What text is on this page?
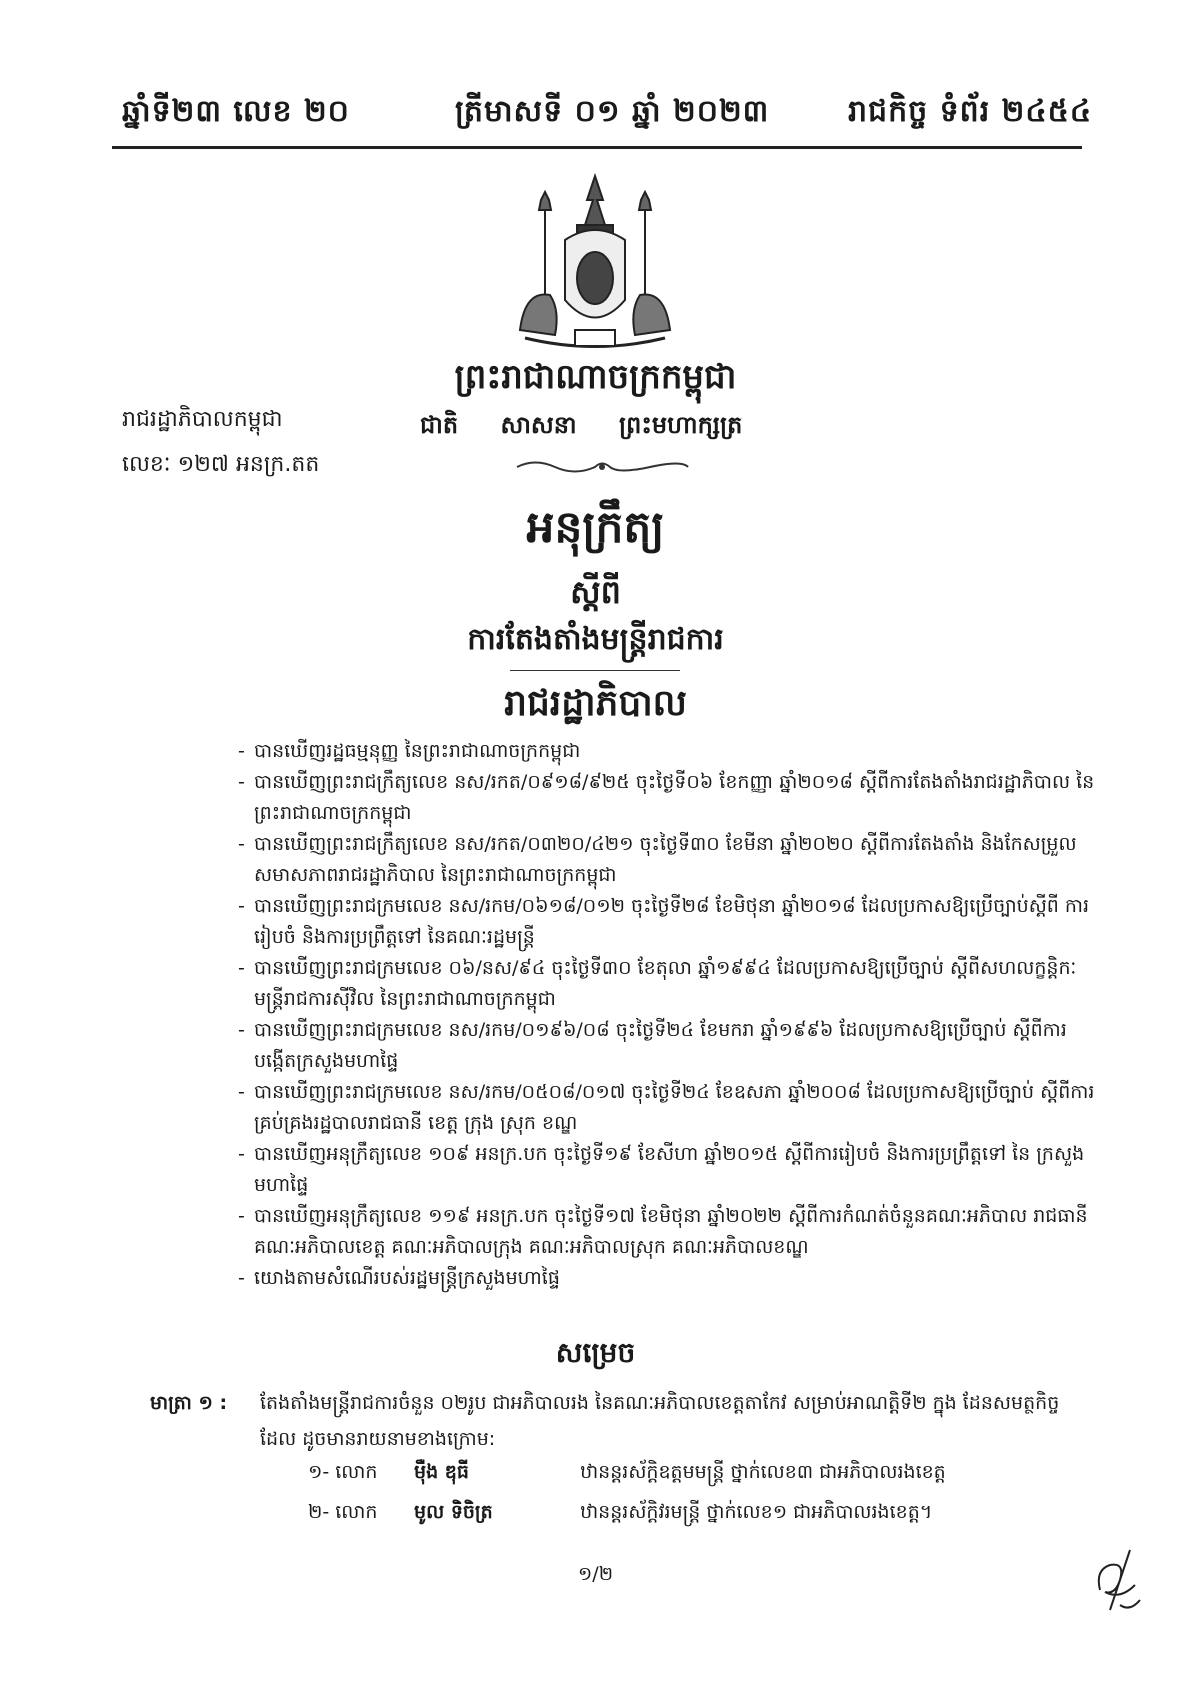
ឆ្នាំទី២៣ លេខ ២០	ត្រីមាសទី ០១ ឆ្នាំ ២០២៣	រាជកិច្ច ទំព័រ ២៤៥៤
ព្រះរាជាណាចក្រកម្ពុជា
ជាតិ សាសនា ព្រះមហាក្សត្រ
រាជរដ្ឋាភិបាលកម្ពុជា
លេខៈ ១២៧ អនក្រ.តត
អនុក្រឹត្យ
ស្តីពី
ការតែងតាំងមន្ត្រីរាជការ
រាជរដ្ឋាភិបាល
- បានឃើញរដ្ឋធម្មនុញ្ញ នៃព្រះរាជាណាចក្រកម្ពុជា
- បានឃើញព្រះរាជក្រឹត្យលេខ នស/រកត/០៩១៨/៩២៥ ចុះថ្ងៃទី០៦ ខែកញ្ញា ឆ្នាំ២០១៨ ស្តីពីការតែងតាំងរាជរដ្ឋាភិបាល នៃព្រះរាជាណាចក្រកម្ពុជា
- បានឃើញព្រះរាជក្រឹត្យលេខ នស/រកត/០៣២០/៤២១ ចុះថ្ងៃទី៣០ ខែមីនា ឆ្នាំ២០២០ ស្តីពីការតែងតាំង និងកែសម្រួល សមាសភាពរាជរដ្ឋាភិបាល នៃព្រះរាជាណាចក្រកម្ពុជា
- បានឃើញព្រះរាជក្រមលេខ នស/រកម/០៦១៨/០១២ ចុះថ្ងៃទី២៨ ខែមិថុនា ឆ្នាំ២០១៨ ដែលប្រកាសឱ្យប្រើច្បាប់ស្តីពី ការរៀបចំ និងការប្រព្រឹត្តទៅ នៃគណៈរដ្ឋមន្ត្រី
- បានឃើញព្រះរាជក្រមលេខ ០៦/នស/៩៤ ចុះថ្ងៃទី៣០ ខែតុលា ឆ្នាំ១៩៩៤ ដែលប្រកាសឱ្យប្រើច្បាប់ ស្តីពីសហលក្ខន្តិកៈ មន្ត្រីរាជការស៊ីវិល នៃព្រះរាជាណាចក្រកម្ពុជា
- បានឃើញព្រះរាជក្រមលេខ នស/រកម/០១៩៦/០៨ ចុះថ្ងៃទី២៤ ខែមករា ឆ្នាំ១៩៩៦ ដែលប្រកាសឱ្យប្រើច្បាប់ ស្តីពីការបង្កើតក្រសួងមហាផ្ទៃ
- បានឃើញព្រះរាជក្រមលេខ នស/រកម/០៥០៨/០១៧ ចុះថ្ងៃទី២៤ ខែឧសភា ឆ្នាំ២០០៨ ដែលប្រកាសឱ្យប្រើច្បាប់ ស្តីពីការគ្រប់គ្រងរដ្ឋបាលរាជធានី ខេត្ត ក្រុង ស្រុក ខណ្ឌ
- បានឃើញអនុក្រឹត្យលេខ ១០៩ អនក្រ.បក ចុះថ្ងៃទី១៩ ខែសីហា ឆ្នាំ២០១៥ ស្តីពីការរៀបចំ និងការប្រព្រឹត្តទៅ នៃ ក្រសួងមហាផ្ទៃ
- បានឃើញអនុក្រឹត្យលេខ ១១៩ អនក្រ.បក ចុះថ្ងៃទី១៧ ខែមិថុនា ឆ្នាំ២០២២ ស្តីពីការកំណត់ចំនួនគណៈអភិបាល រាជធានី គណៈអភិបាលខេត្ត គណៈអភិបាលក្រុង គណៈអភិបាលស្រុក គណៈអភិបាលខណ្ឌ
- យោងតាមសំណើរបស់រដ្ឋមន្ត្រីក្រសួងមហាផ្ទៃ
សម្រេច
មាត្រា ១ : តែងតាំងមន្ត្រីរាជការចំនួន ០២រូប ជាអភិបាលរង នៃគណៈអភិបាលខេត្តតាកែវ សម្រាប់អាណត្តិទី២ ក្នុង ដែនសមត្ថកិច្ចដែល ដូចមានរាយនាមខាងក្រោម:
១- លោក ម៉ឺង ឌុធី	ឋានន្តរស័ក្តិឧត្តមមន្ត្រី ថ្នាក់លេខ៣ ជាអភិបាលរងខេត្ត
២- លោក មូល ទិចិត្រ	ឋានន្តរស័ក្តិវរមន្ត្រី ថ្នាក់លេខ១ ជាអភិបាលរងខេត្ត។
១/២
